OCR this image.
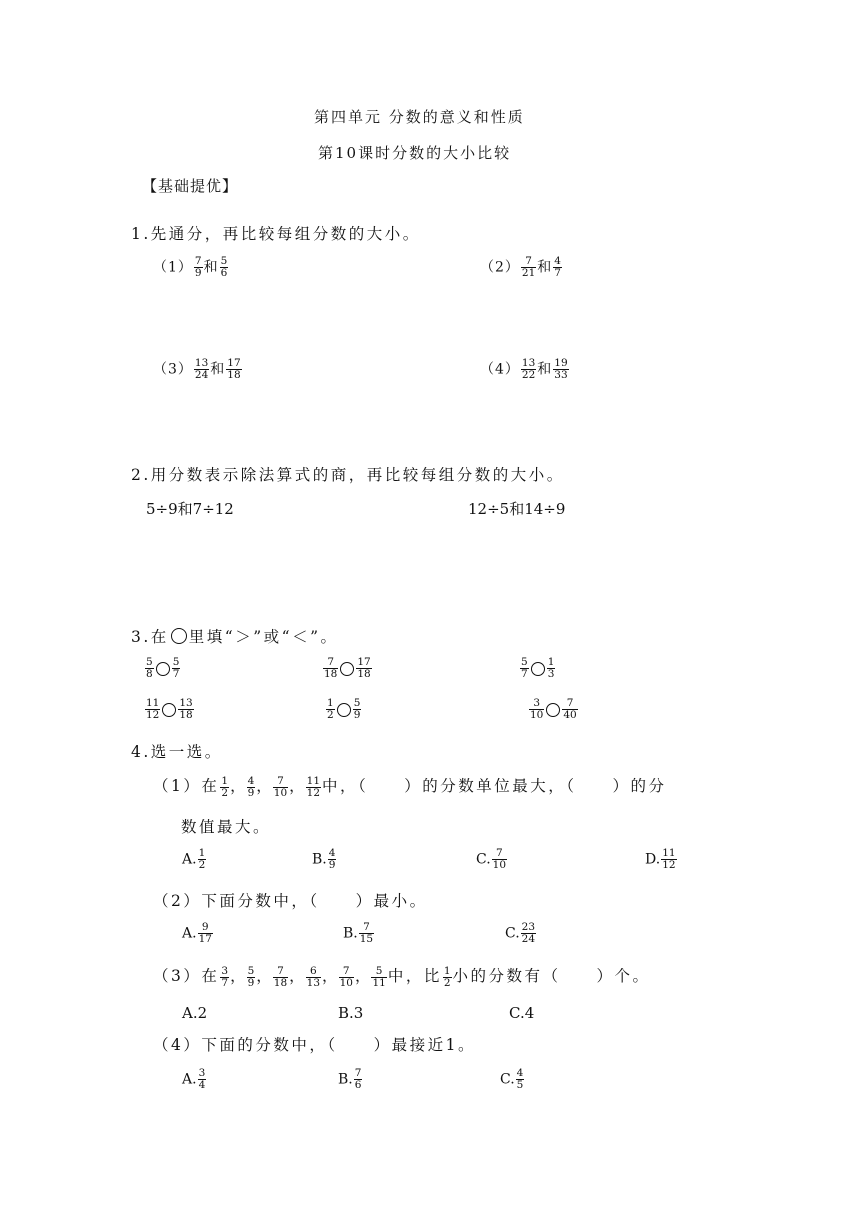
第四单元 分数的意义和性质
第10课时分数的大小比较
【基础提优】
1.先通分，再比较每组分数的大小。
$(1) \frac{7}{9}$ 和 $\frac{5}{6}$	$(2) \frac{7}{21}$ 和 $\frac{4}{7}$
$(3) \frac{13}{24}$ 和 $\frac{17}{18}$	$(4) \frac{13}{22}$ 和 $\frac{19}{33}$
2.用分数表示除法算式的商，再比较每组分数的大小。
5÷9和7÷12	12÷5和14÷9
3.在 里填“＞”或“＜”。
$\frac{5}{8} \frac{5}{7}$	$\frac{7}{18} \frac{17}{18}$	$\frac{5}{7} \frac{1}{3}$
$\frac{11}{12} \frac{13}{18}$	$\frac{1}{2} \frac{5}{9}$	$\frac{3}{10} \frac{7}{40}$
4.选一选。
（1）在 $\frac{1}{2}$ ， $\frac{4}{9}$ ， $\frac{7}{10}$ ， $\frac{11}{12}$ 中，（　　）的分数单位最大，（　　）的分
数值最大。
A. $\frac{1}{2}$	B. $\frac{4}{9}$	C. $\frac{7}{10}$	D. $\frac{11}{12}$
（2）下面分数中，（　　）最小。
A. $\frac{9}{17}$	B. $\frac{7}{15}$	C. $\frac{23}{24}$
（3）在 $\frac{3}{7}$ ， $\frac{5}{9}$ ， $\frac{7}{18}$ ， $\frac{6}{13}$ ， $\frac{7}{10}$ ， $\frac{5}{11}$ 中，比 $\frac{1}{2}$ 小的分数有（　　）个。
A.2	B.3	C.4
（4）下面的分数中，（　　）最接近1。
A. $\frac{3}{4}$	B. $\frac{7}{6}$	C. $\frac{4}{5}$
